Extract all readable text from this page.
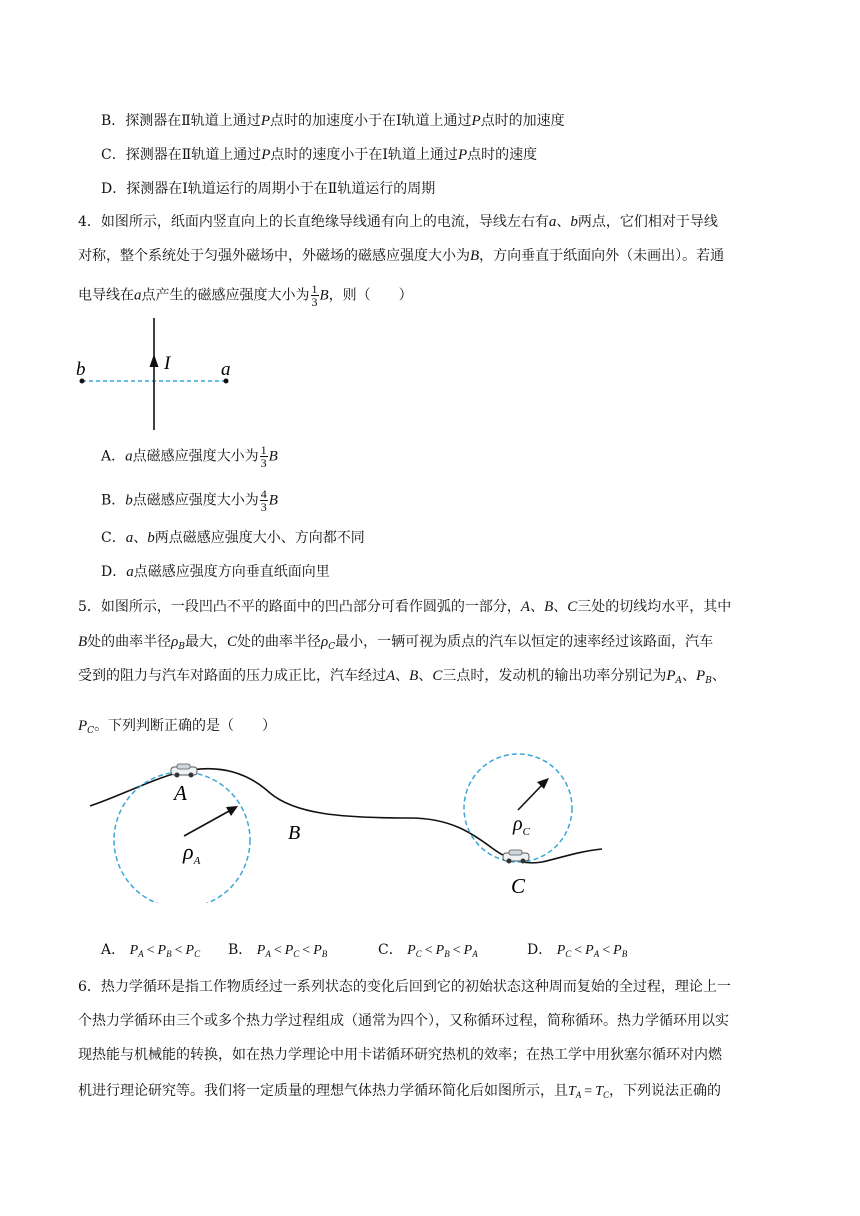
B．探测器在Ⅱ轨道上通过P点时的加速度小于在Ⅰ轨道上通过P点时的加速度
C．探测器在Ⅱ轨道上通过P点时的速度小于在Ⅰ轨道上通过P点时的速度
D．探测器在Ⅰ轨道运行的周期小于在Ⅱ轨道运行的周期
4．如图所示，纸面内竖直向上的长直绝缘导线通有向上的电流，导线左右有a、b两点，它们相对于导线
对称，整个系统处于匀强外磁场中，外磁场的磁感应强度大小为B，方向垂直于纸面向外（未画出）。若通
电导线在a点产生的磁感应强度大小为 $\frac{1}{3}$ B，则（　　）
b	a
I
A．a点磁感应强度大小为 $\frac{1}{3}$ B
B．b点磁感应强度大小为 $\frac{4}{3}$ B
C．a、b两点磁感应强度大小、方向都不同
D．a点磁感应强度方向垂直纸面向里
5．如图所示，一段凹凸不平的路面中的凹凸部分可看作圆弧的一部分，A、B、C三处的切线均水平，其中
B处的曲率半径$\rho_B$最大，C处的曲率半径$\rho_C$最小，一辆可视为质点的汽车以恒定的速率经过该路面，汽车
受到的阻力与汽车对路面的压力成正比，汽车经过A、B、C三点时，发动机的输出功率分别记为$P_A$、$P_B$、
$P_C$。下列判断正确的是（　　）
A
B
C
$\rho_A$
$\rho_C$
A． $P_A < P_B < P_C$ B． $P_A < P_C < P_B$	C． $P_C < P_B < P_A$	D． $P_C < P_A < P_B$
6．热力学循环是指工作物质经过一系列状态的变化后回到它的初始状态这种周而复始的全过程，理论上一
个热力学循环由三个或多个热力学过程组成（通常为四个），又称循环过程，简称循环。热力学循环用以实
现热能与机械能的转换，如在热力学理论中用卡诺循环研究热机的效率；在热工学中用狄塞尔循环对内燃
机进行理论研究等。我们将一定质量的理想气体热力学循环简化后如图所示，且$T_A = T_C$，下列说法正确的
